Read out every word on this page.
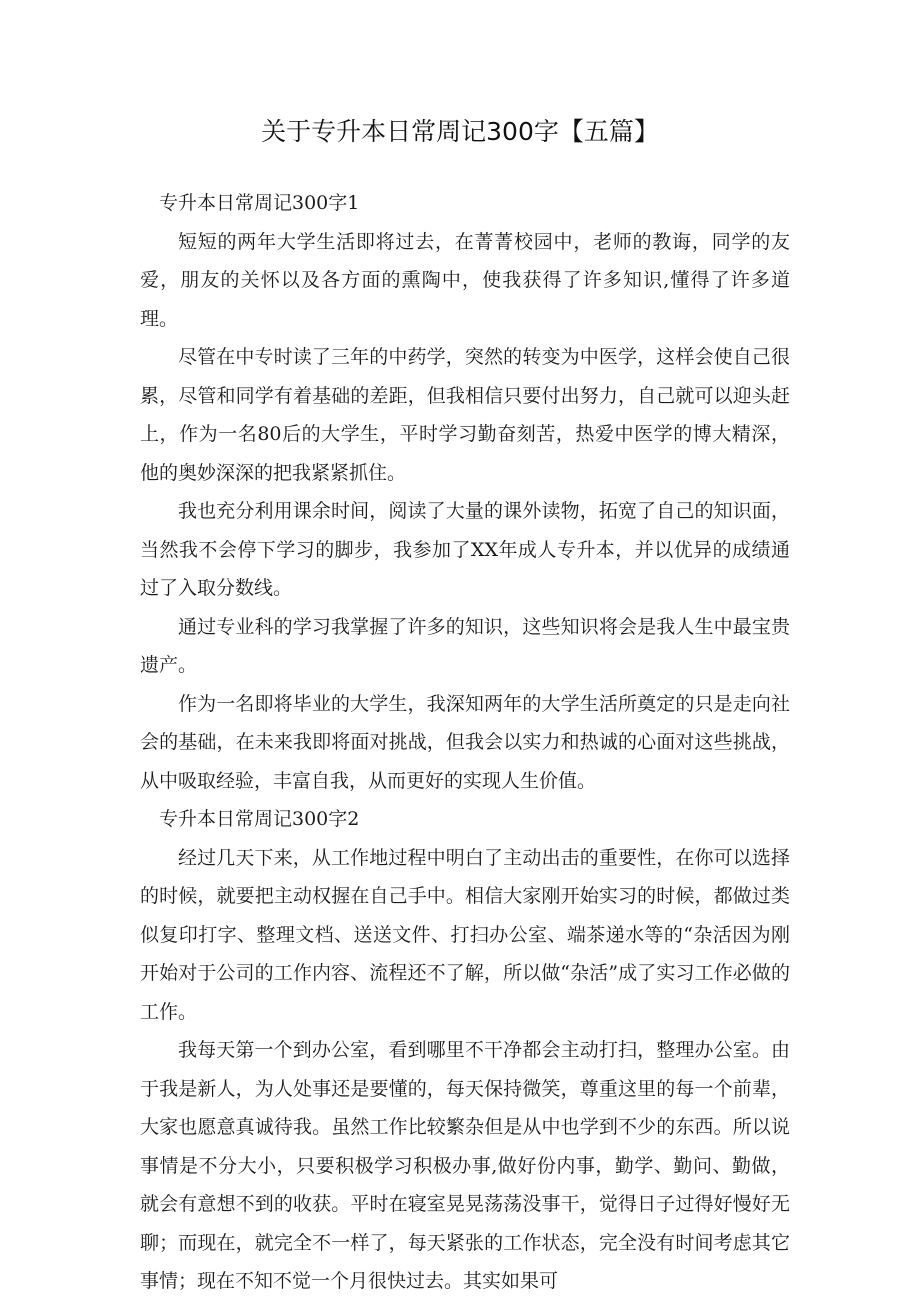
关于专升本日常周记300字【五篇】

专升本日常周记300字1

短短的两年大学生活即将过去，在菁菁校园中，老师的教诲，同学的友爱，朋友的关怀以及各方面的熏陶中，使我获得了许多知识,懂得了许多道理。

尽管在中专时读了三年的中药学，突然的转变为中医学，这样会使自己很累，尽管和同学有着基础的差距，但我相信只要付出努力，自己就可以迎头赶上，作为一名80后的大学生，平时学习勤奋刻苦，热爱中医学的博大精深，他的奥妙深深的把我紧紧抓住。

我也充分利用课余时间，阅读了大量的课外读物，拓宽了自己的知识面，当然我不会停下学习的脚步，我参加了XX年成人专升本，并以优异的成绩通过了入取分数线。

通过专业科的学习我掌握了许多的知识，这些知识将会是我人生中最宝贵遗产。

作为一名即将毕业的大学生，我深知两年的大学生活所奠定的只是走向社会的基础，在未来我即将面对挑战，但我会以实力和热诚的心面对这些挑战，从中吸取经验，丰富自我，从而更好的实现人生价值。

专升本日常周记300字2

经过几天下来，从工作地过程中明白了主动出击的重要性，在你可以选择的时候，就要把主动权握在自己手中。相信大家刚开始实习的时候，都做过类似复印打字、整理文档、送送文件、打扫办公室、端茶递水等的“杂活因为刚开始对于公司的工作内容、流程还不了解，所以做“杂活”成了实习工作必做的工作。

我每天第一个到办公室，看到哪里不干净都会主动打扫，整理办公室。由于我是新人，为人处事还是要懂的，每天保持微笑，尊重这里的每一个前辈，大家也愿意真诚待我。虽然工作比较繁杂但是从中也学到不少的东西。所以说事情是不分大小，只要积极学习积极办事,做好份内事，勤学、勤问、勤做，就会有意想不到的收获。平时在寝室晃晃荡荡没事干，觉得日子过得好慢好无聊；而现在，就完全不一样了，每天紧张的工作状态，完全没有时间考虑其它事情；现在不知不觉一个月很快过去。其实如果可
